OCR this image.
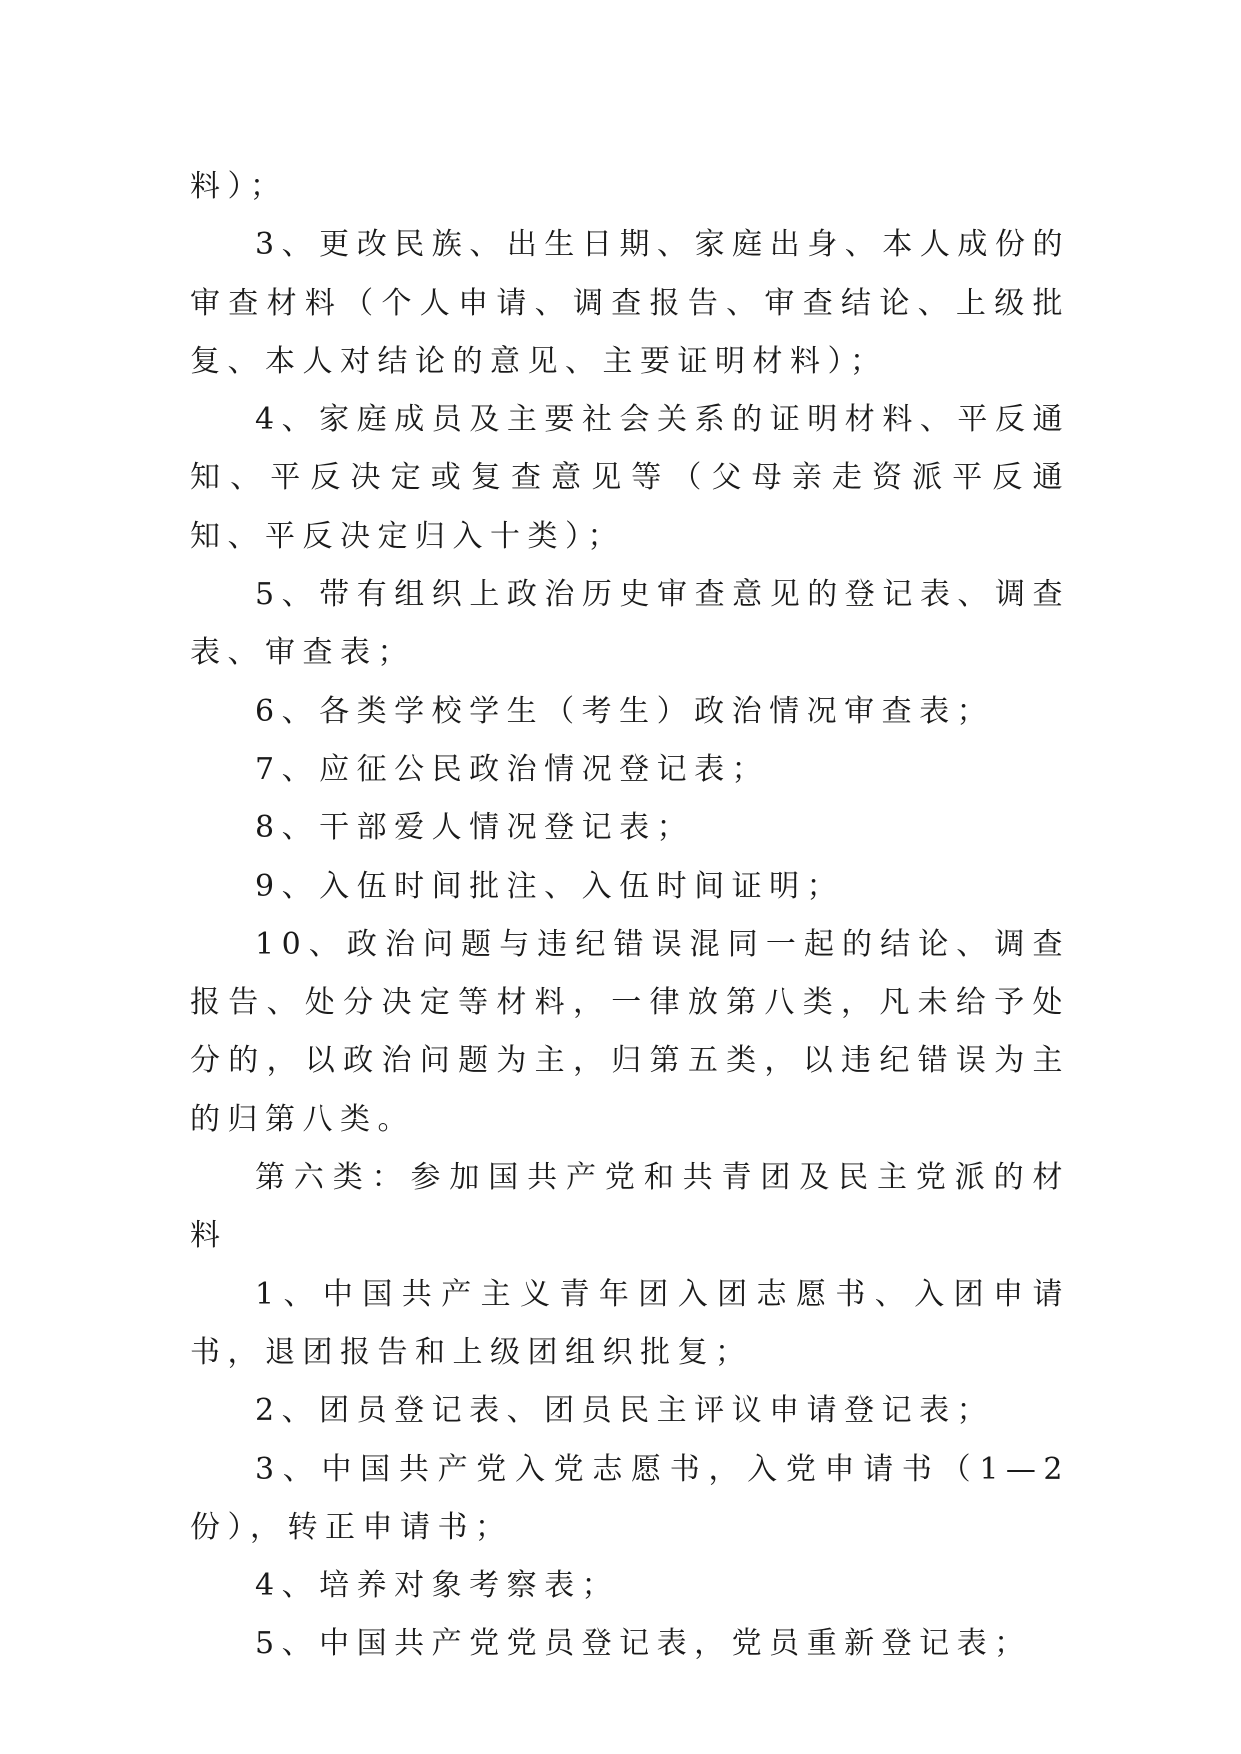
料）；

3、更改民族、出生日期、家庭出身、本人成份的审查材料（个人申请、调查报告、审查结论、上级批复、本人对结论的意见、主要证明材料）；

4、家庭成员及主要社会关系的证明材料、平反通知、平反决定或复查意见等（父母亲走资派平反通知、平反决定归入十类）；

5、带有组织上政治历史审查意见的登记表、调查表、审查表；

6、各类学校学生（考生）政治情况审查表；

7、应征公民政治情况登记表；

8、干部爱人情况登记表；

9、入伍时间批注、入伍时间证明；

10、政治问题与违纪错误混同一起的结论、调查报告、处分决定等材料，一律放第八类，凡未给予处分的，以政治问题为主，归第五类，以违纪错误为主的归第八类。

第六类：参加国共产党和共青团及民主党派的材料

1、中国共产主义青年团入团志愿书、入团申请书，退团报告和上级团组织批复；

2、团员登记表、团员民主评议申请登记表；

3、中国共产党入党志愿书，入党申请书（1—2份），转正申请书；

4、培养对象考察表；

5、中国共产党党员登记表，党员重新登记表；
